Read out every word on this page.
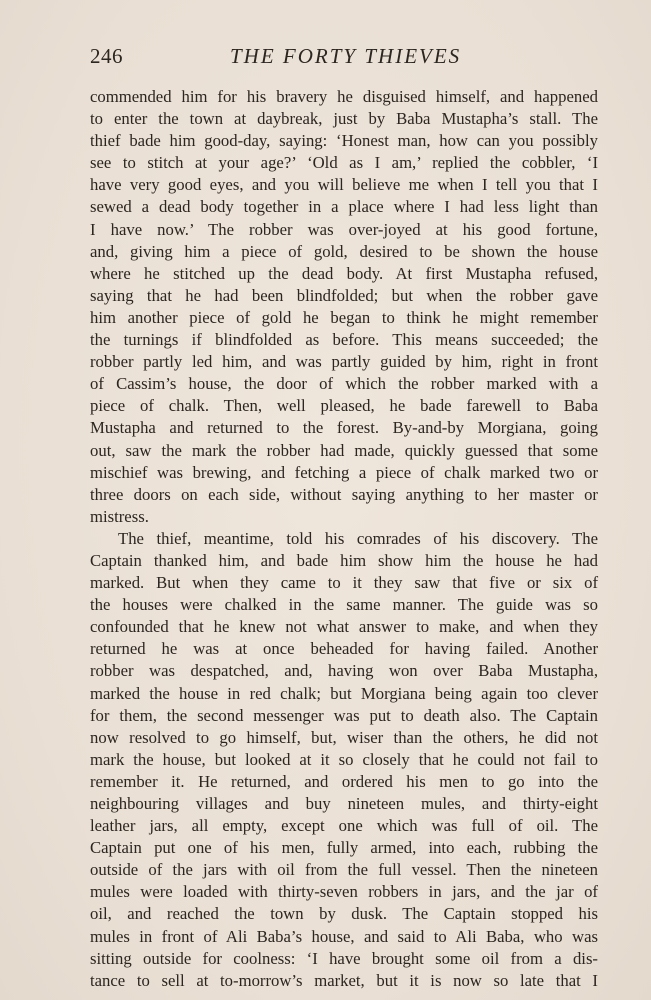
246	THE FORTY THIEVES
commended him for his bravery he disguised himself, and happened
to enter the town at daybreak, just by Baba Mustapha’s stall. The
thief bade him good-day, saying: ‘Honest man, how can you possibly
see to stitch at your age?’ ‘Old as I am,’ replied the cobbler, ‘I
have very good eyes, and you will believe me when I tell you that I
sewed a dead body together in a place where I had less light than
I have now.’ The robber was over-joyed at his good fortune,
and, giving him a piece of gold, desired to be shown the house
where he stitched up the dead body. At first Mustapha refused,
saying that he had been blindfolded; but when the robber gave
him another piece of gold he began to think he might remember
the turnings if blindfolded as before. This means succeeded; the
robber partly led him, and was partly guided by him, right in front
of Cassim’s house, the door of which the robber marked with a
piece of chalk. Then, well pleased, he bade farewell to Baba
Mustapha and returned to the forest. By-and-by Morgiana, going
out, saw the mark the robber had made, quickly guessed that some
mischief was brewing, and fetching a piece of chalk marked two or
three doors on each side, without saying anything to her master or
mistress.
The thief, meantime, told his comrades of his discovery. The
Captain thanked him, and bade him show him the house he had
marked. But when they came to it they saw that five or six of
the houses were chalked in the same manner. The guide was so
confounded that he knew not what answer to make, and when they
returned he was at once beheaded for having failed. Another
robber was despatched, and, having won over Baba Mustapha,
marked the house in red chalk; but Morgiana being again too clever
for them, the second messenger was put to death also. The Captain
now resolved to go himself, but, wiser than the others, he did not
mark the house, but looked at it so closely that he could not fail to
remember it. He returned, and ordered his men to go into the
neighbouring villages and buy nineteen mules, and thirty-eight
leather jars, all empty, except one which was full of oil. The
Captain put one of his men, fully armed, into each, rubbing the
outside of the jars with oil from the full vessel. Then the nineteen
mules were loaded with thirty-seven robbers in jars, and the jar of
oil, and reached the town by dusk. The Captain stopped his
mules in front of Ali Baba’s house, and said to Ali Baba, who was
sitting outside for coolness: ‘I have brought some oil from a dis-
tance to sell at to-morrow’s market, but it is now so late that I
